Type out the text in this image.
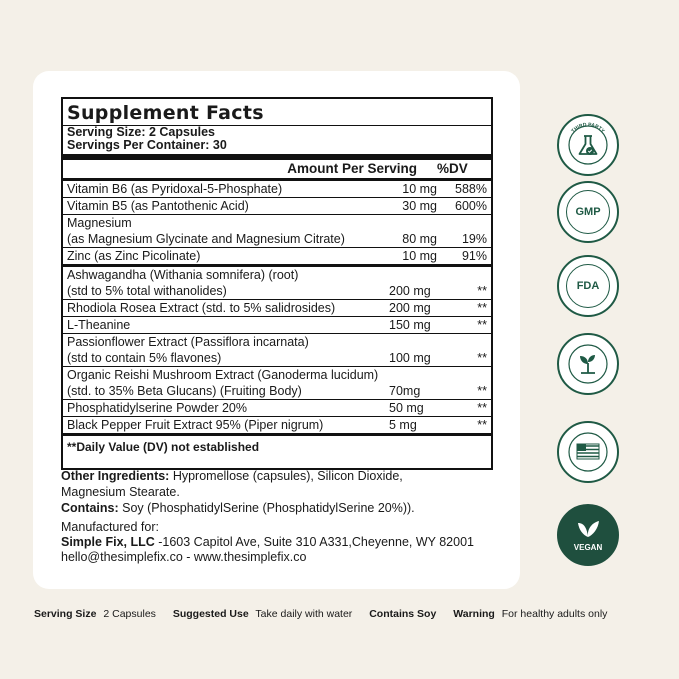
Supplement Facts
Serving Size: 2 Capsules
Servings Per Container: 30
Amount Per Serving	%DV
Vitamin B6 (as Pyridoxal-5-Phosphate)	10 mg	588%
Vitamin B5 (as Pantothenic Acid)	30 mg	600%
Magnesium
(as Magnesium Glycinate and Magnesium Citrate)	80 mg	19%
Zinc (as Zinc Picolinate)	10 mg	91%
Ashwagandha (Withania somnifera) (root)
(std to 5% total withanolides)	200 mg	**
Rhodiola Rosea Extract (std. to 5% salidrosides)	200 mg	**
L-Theanine	150 mg	**
Passionflower Extract (Passiflora incarnata)
(std to contain 5% flavones)	100 mg	**
Organic Reishi Mushroom Extract (Ganoderma lucidum)
(std. to 35% Beta Glucans) (Fruiting Body)	70mg	**
Phosphatidylserine Powder 20%	50 mg	**
Black Pepper Fruit Extract 95% (Piper nigrum)	5 mg	**
**Daily Value (DV) not established
Other Ingredients: Hypromellose (capsules), Silicon Dioxide,
Magnesium Stearate.
Contains: Soy (PhosphatidylSerine (PhosphatidylSerine 20%)).
Manufactured for:
Simple Fix, LLC -1603 Capitol Ave, Suite 310 A331,Cheyenne, WY 82001
hello@thesimplefix.co - www.thesimplefix.co
THIRD PARTY
GMP
FDA
VEGAN
Serving Size 2 Capsules Suggested Use Take daily with water Contains Soy Warning For healthy adults only
